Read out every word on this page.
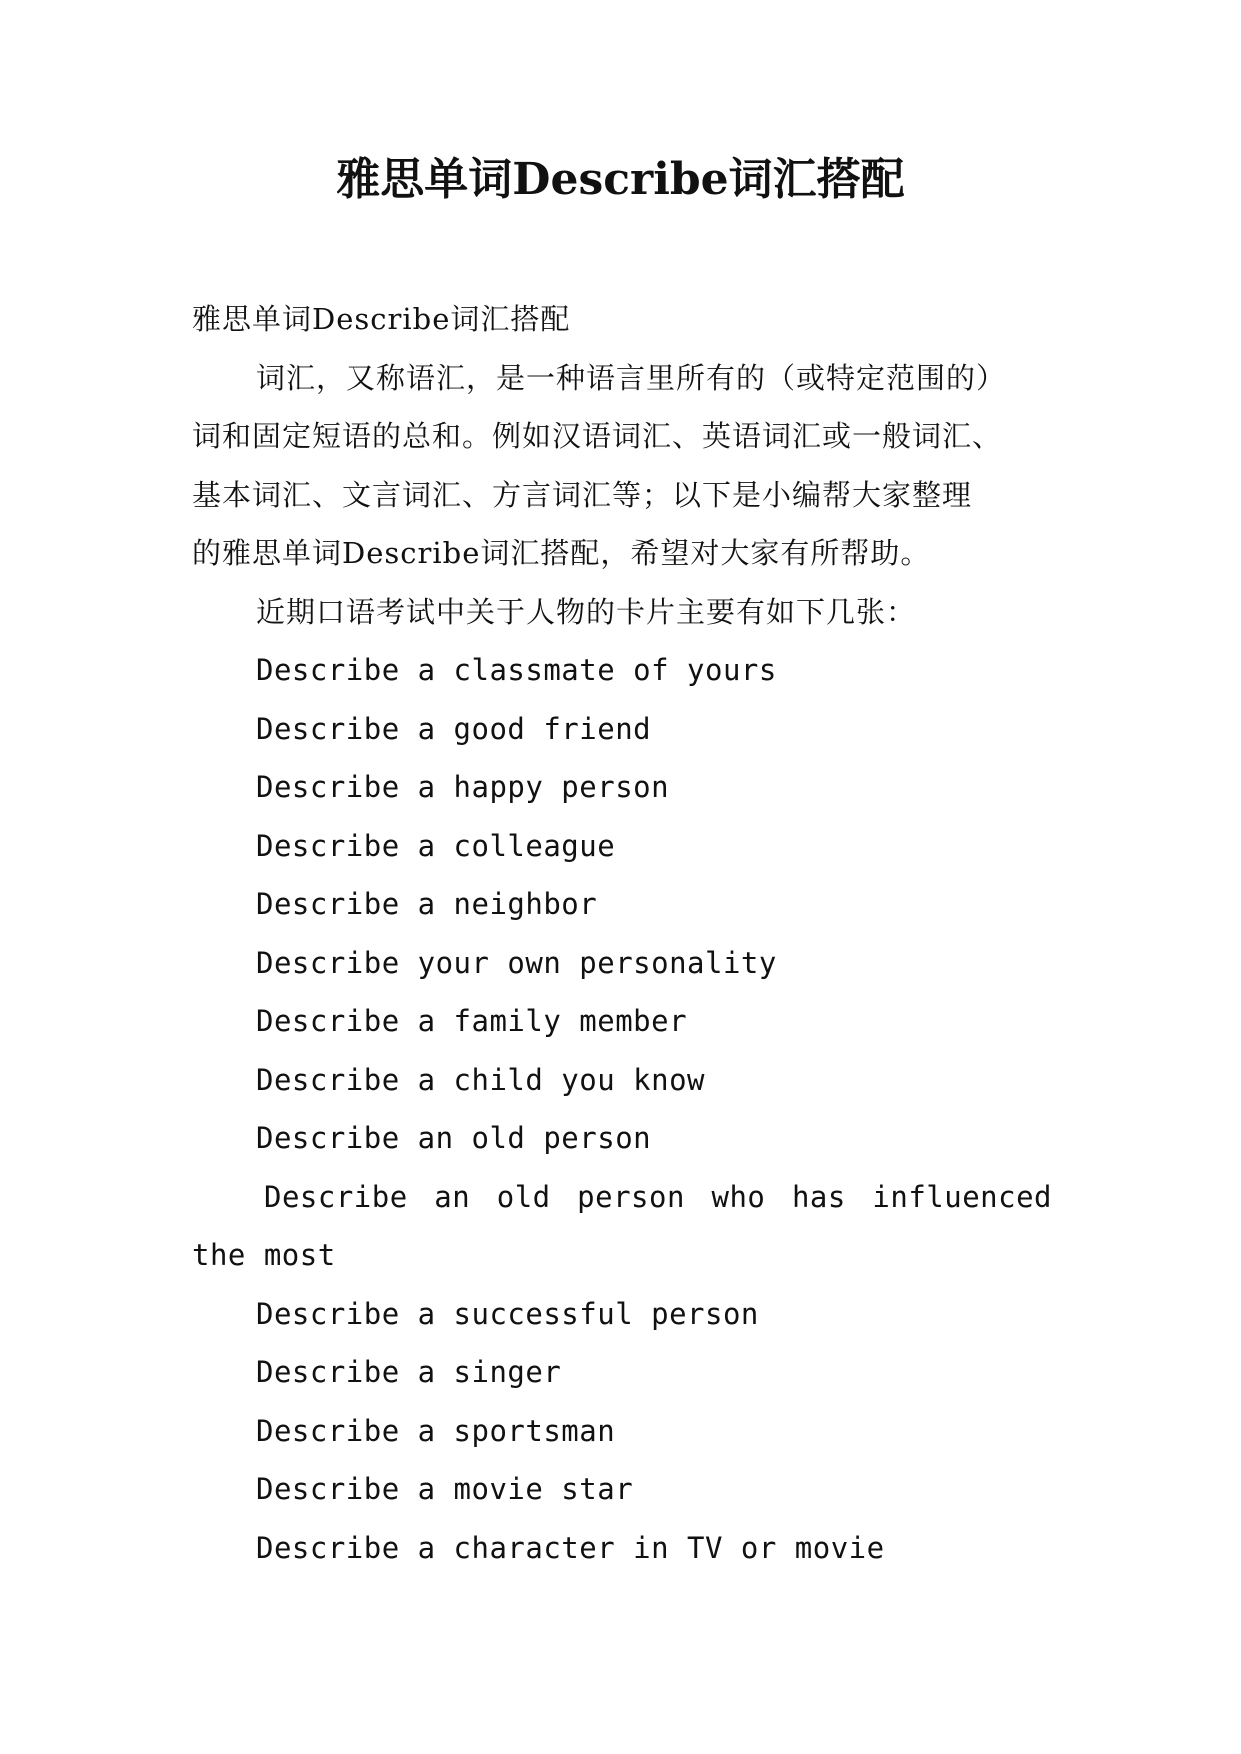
雅思单词Describe词汇搭配

雅思单词Describe词汇搭配

词汇，又称语汇，是一种语言里所有的（或特定范围的）

词和固定短语的总和。例如汉语词汇、英语词汇或一般词汇、

基本词汇、文言词汇、方言词汇等；以下是小编帮大家整理

的雅思单词Describe词汇搭配，希望对大家有所帮助。

近期口语考试中关于人物的卡片主要有如下几张：

Describe a classmate of yours

Describe a good friend

Describe a happy person

Describe a colleague

Describe a neighbor

Describe your own personality

Describe a family member

Describe a child you know

Describe an old person

Describe an old person who has influenced

the most

Describe a successful person

Describe a singer

Describe a sportsman

Describe a movie star

Describe a character in TV or movie
